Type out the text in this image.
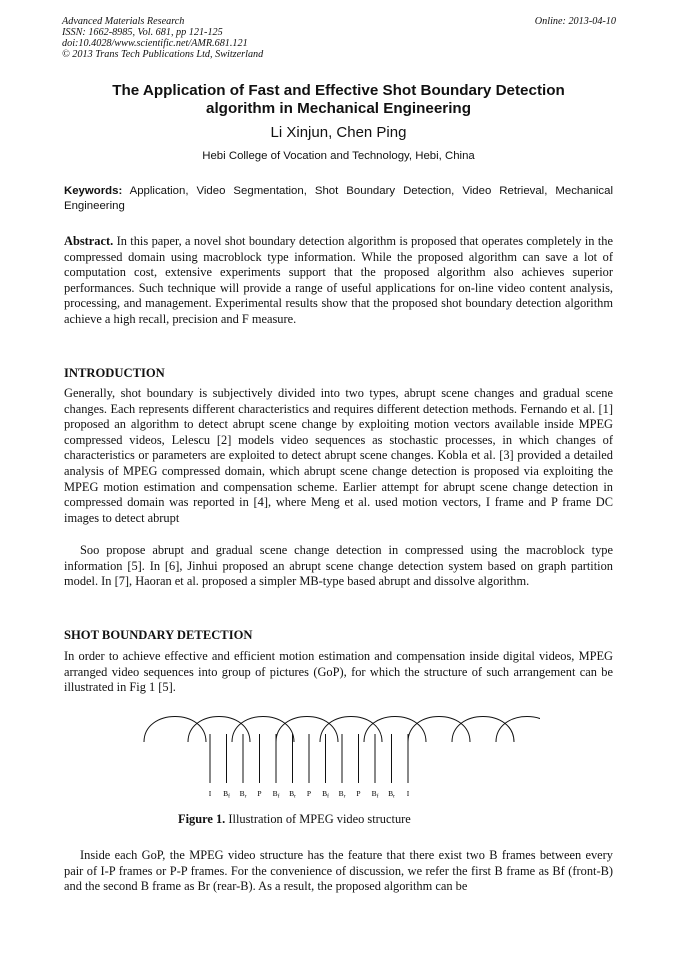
Advanced Materials Research
ISSN: 1662-8985, Vol. 681, pp 121-125
doi:10.4028/www.scientific.net/AMR.681.121
© 2013 Trans Tech Publications Ltd, Switzerland
Online: 2013-04-10
The Application of Fast and Effective Shot Boundary Detection
algorithm in Mechanical Engineering
Li Xinjun, Chen Ping
Hebi College of Vocation and Technology, Hebi, China
Keywords: Application, Video Segmentation, Shot Boundary Detection, Video Retrieval, Mechanical Engineering
Abstract. In this paper, a novel shot boundary detection algorithm is proposed that operates completely in the compressed domain using macroblock type information. While the proposed algorithm can save a lot of computation cost, extensive experiments support that the proposed algorithm also achieves superior performances. Such technique will provide a range of useful applications for on-line video content analysis, processing, and management. Experimental results show that the proposed shot boundary detection algorithm achieve a high recall, precision and F measure.
INTRODUCTION
Generally, shot boundary is subjectively divided into two types, abrupt scene changes and gradual scene changes. Each represents different characteristics and requires different detection methods. Fernando et al. [1] proposed an algorithm to detect abrupt scene change by exploiting motion vectors available inside MPEG compressed videos, Lelescu [2] models video sequences as stochastic processes, in which changes of characteristics or parameters are exploited to detect abrupt scene changes. Kobla et al. [3] provided a detailed analysis of MPEG compressed domain, which abrupt scene change detection is proposed via exploiting the MPEG motion estimation and compensation scheme. Earlier attempt for abrupt scene change detection in compressed domain was reported in [4], where Meng et al. used motion vectors, I frame and P frame DC images to detect abrupt
Soo propose abrupt and gradual scene change detection in compressed using the macroblock type information [5]. In [6], Jinhui proposed an abrupt scene change detection system based on graph partition model. In [7], Haoran et al. proposed a simpler MB-type based abrupt and dissolve algorithm.
SHOT BOUNDARY DETECTION
In order to achieve effective and efficient motion estimation and compensation inside digital videos, MPEG arranged video sequences into group of pictures (GoP), for which the structure of such arrangement can be illustrated in Fig 1 [5].
I $B_f$ $B_r$ P $B_f$ $B_r$ P $B_f$ $B_r$ P $B_f$ $B_r$ I
Figure 1. Illustration of MPEG video structure
Inside each GoP, the MPEG video structure has the feature that there exist two B frames between every pair of I-P frames or P-P frames. For the convenience of discussion, we refer the first B frame as Bf (front-B) and the second B frame as Br (rear-B). As a result, the proposed algorithm can be
